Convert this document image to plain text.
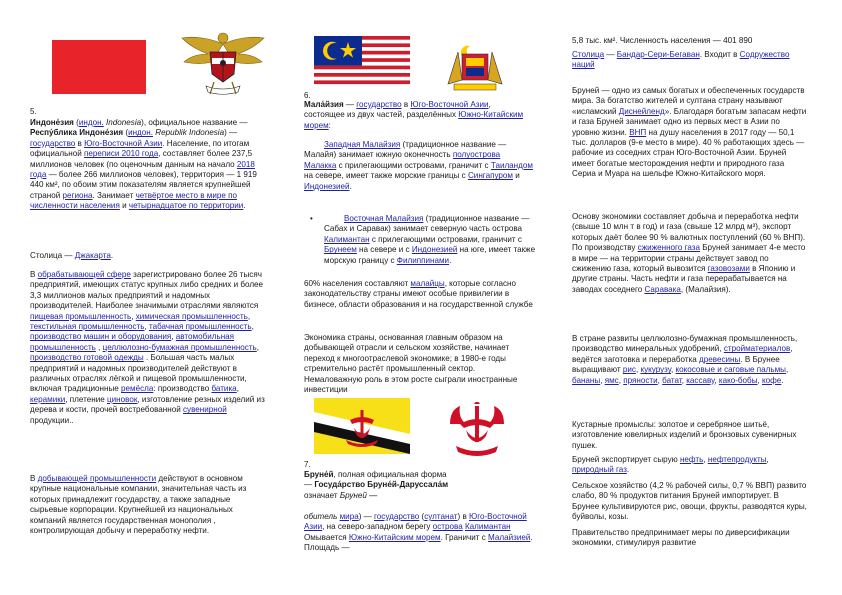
5.

Индоне́зия (индон. Indonesia), официальное название — Респу́блика Индоне́зия (индон. Republik Indonesia) — государство в Юго-Восточной Азии. Население, по итогам официальной переписи 2010 года, составляет более 237,5 миллионов человек (по оценочным данным на начало 2018 года — более 266 миллионов человек), территория — 1 919 440 км², по обоим этим показателям является крупнейшей страной региона. Занимает четвёртое место в мире по численности населения и четырнадцатое по территории.

Столица — Джакарта.

В обрабатывающей сфере зарегистрировано более 26 тысяч предприятий, имеющих статус крупных либо средних и более 3,3 миллионов малых предприятий и надомных производителей. Наиболее значимыми отраслями являются пищевая промышленность, химическая промышленность, текстильная промышленность, табачная промышленность, производство машин и оборудования, автомобильная промышленность , целлюлозно-бумажная промышленность, производство готовой одежды . Большая часть малых предприятий и надомных производителей действуют в различных отраслях лёгкой и пищевой промышленности, включая традиционные ремёсла: производство батика, керамики, плетение циновок, изготовление резных изделий из дерева и кости, прочей востребованной сувенирной продукции..

В добывающей промышленности действуют в основном крупные национальные компании, значительная часть из которых принадлежит государству, а также западные сырьевые корпорации. Крупнейшей из национальных компаний является государственная монополия , контролирующая добычу и переработку нефти.

6.

Мала́йзия — государство в Юго-Восточной Азии, состоящее из двух частей, разделённых Южно-Китайским морем:

Западная Малайзия (традиционное название — Малайя) занимает южную оконечность полуострова Малакка с прилегающими островами, граничит с Таиландом на севере, имеет также морские границы с Сингапуром и Индонезией.

•	Восточная Малайзия (традиционное название — Сабах и Саравак) занимает северную часть острова Калимантан с прилегающими островами, граничит с Брунеем на севере и с Индонезией на юге, имеет также морскую границу с Филиппинами.

60% населения составляют малайцы, которые согласно законодательству страны имеют особые привилегии в бизнесе, области образования и на государственной службе

Экономика страны, основанная главным образом на добывающей отрасли и сельском хозяйстве, начинает переход к многоотраслевой экономике; в 1980-е годы стремительно растёт промышленный сектор. Немаловажную роль в этом росте сыграли иностранные инвестиции

7.

Бруне́й, полная официальная форма — Госуда́рство Бруне́й-Даруссала́м означает Бруней —

обитель мира) — государство (султанат) в Юго-Восточной Азии, на северо-западном берегу острова Калимантан Омывается Южно-Китайским морем. Граничит с Малайзией. Площадь —

5,8 тыс. км². Численность населения — 401 890

Столица — Бандар-Сери-Бегаван. Входит в Содружество наций

Бруней — одно из самых богатых и обеспеченных государств мира. За богатство жителей и султана страну называют «исламский Диснейленд». Благодаря богатым запасам нефти и газа Бруней занимает одно из первых мест в Азии по уровню жизни. ВНП на душу населения в 2017 году — 50,1 тыс. долларов (9-е место в мире). 40 % работающих здесь — рабочие из соседних стран Юго-Восточной Азии. Бруней имеет богатые месторождения нефти и природного газа Сериа и Муара на шельфе Южно-Китайского моря.

Основу экономики составляет добыча и переработка нефти (свыше 10 млн т в год) и газа (свыше 12 млрд м³), экспорт которых даёт более 90 % валютных поступлений (60 % ВНП). По производству сжиженного газа Бруней занимает 4-е место в мире — на территории страны действует завод по сжижению газа, который вывозится газовозами в Японию и другие страны. Часть нефти и газа перерабатывается на заводах соседнего Саравака, (Малайзия).

В стране развиты целлюлозно-бумажная промышленность, производство минеральных удобрений, стройматериалов, ведётся заготовка и переработка древесины. В Брунее выращивают рис, кукурузу, кокосовые и саговые пальмы, бананы, ямс, пряности, батат, кассаву, како-бобы, кофе.

Кустарные промыслы: золотое и серебряное шитьё, изготовление ювелирных изделий и бронзовых сувенирных пушек.

Бруней экспортирует сырую нефть, нефтепродукты, природный газ.

Сельское хозяйство (4,2 % рабочей силы, 0,7 % ВВП) развито слабо, 80 % продуктов питания Бруней импортирует. В Брунее культивируются рис, овощи, фрукты, разводятся куры, буйволы, козы.

Правительство предпринимает меры по диверсификации экономики, стимулируя развитие
